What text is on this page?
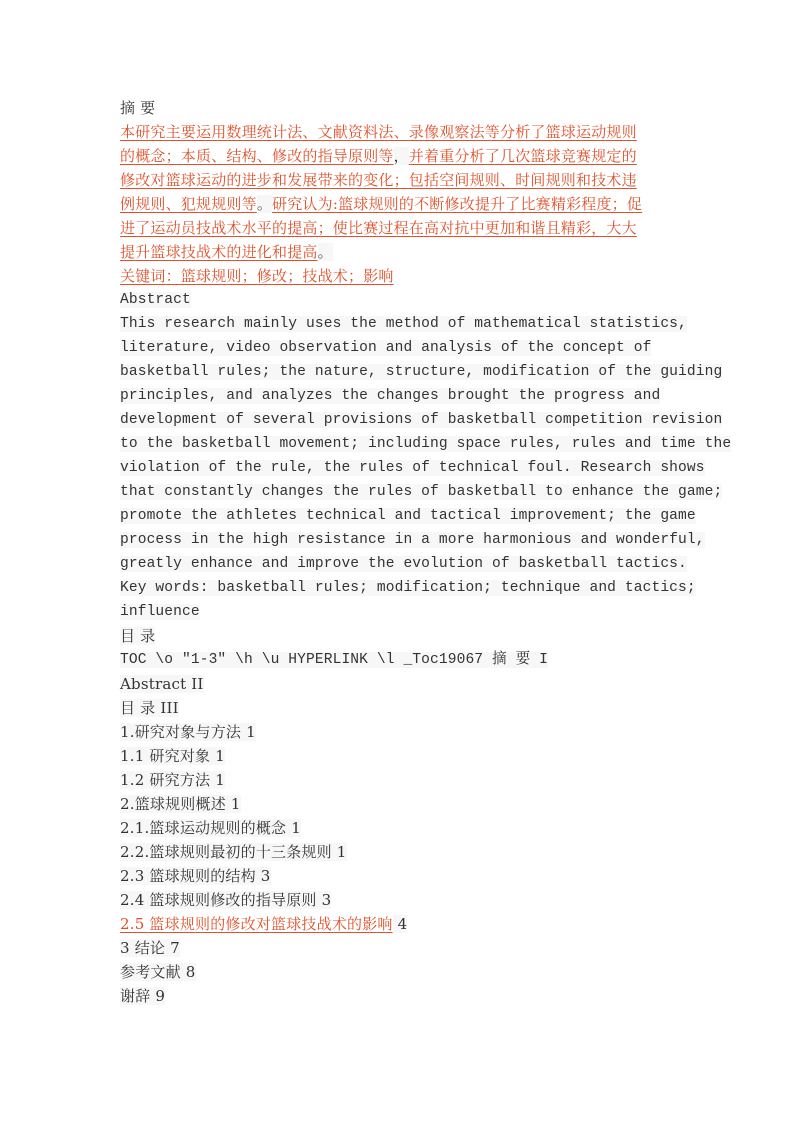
摘 要
本研究主要运用数理统计法、文献资料法、录像观察法等分析了篮球运动规则
的概念；本质、结构、修改的指导原则等，并着重分析了几次篮球竞赛规定的
修改对篮球运动的进步和发展带来的变化；包括空间规则、时间规则和技术违
例规则、犯规规则等。研究认为:篮球规则的不断修改提升了比赛精彩程度；促
进了运动员技战术水平的提高；使比赛过程在高对抗中更加和谐且精彩，大大
提升篮球技战术的进化和提高。
关键词：篮球规则；修改；技战术；影响
Abstract
This research mainly uses the method of mathematical statistics,
literature, video observation and analysis of the concept of
basketball rules; the nature, structure, modification of the guiding
principles, and analyzes the changes brought the progress and
development of several provisions of basketball competition revision
to the basketball movement; including space rules, rules and time the
violation of the rule, the rules of technical foul. Research shows
that constantly changes the rules of basketball to enhance the game;
promote the athletes technical and tactical improvement; the game
process in the high resistance in a more harmonious and wonderful,
greatly enhance and improve the evolution of basketball tactics.
Key words: basketball rules; modification; technique and tactics;
influence
目 录
TOC \o "1-3" \h \u HYPERLINK \l _Toc19067 摘 要 I
Abstract II
目 录 III
1.研究对象与方法 1
1.1 研究对象 1
1.2 研究方法 1
2.篮球规则概述 1
2.1.篮球运动规则的概念 1
2.2.篮球规则最初的十三条规则 1
2.3 篮球规则的结构 3
2.4 篮球规则修改的指导原则 3
2.5 篮球规则的修改对篮球技战术的影响 4
3 结论 7
参考文献 8
谢辞 9
